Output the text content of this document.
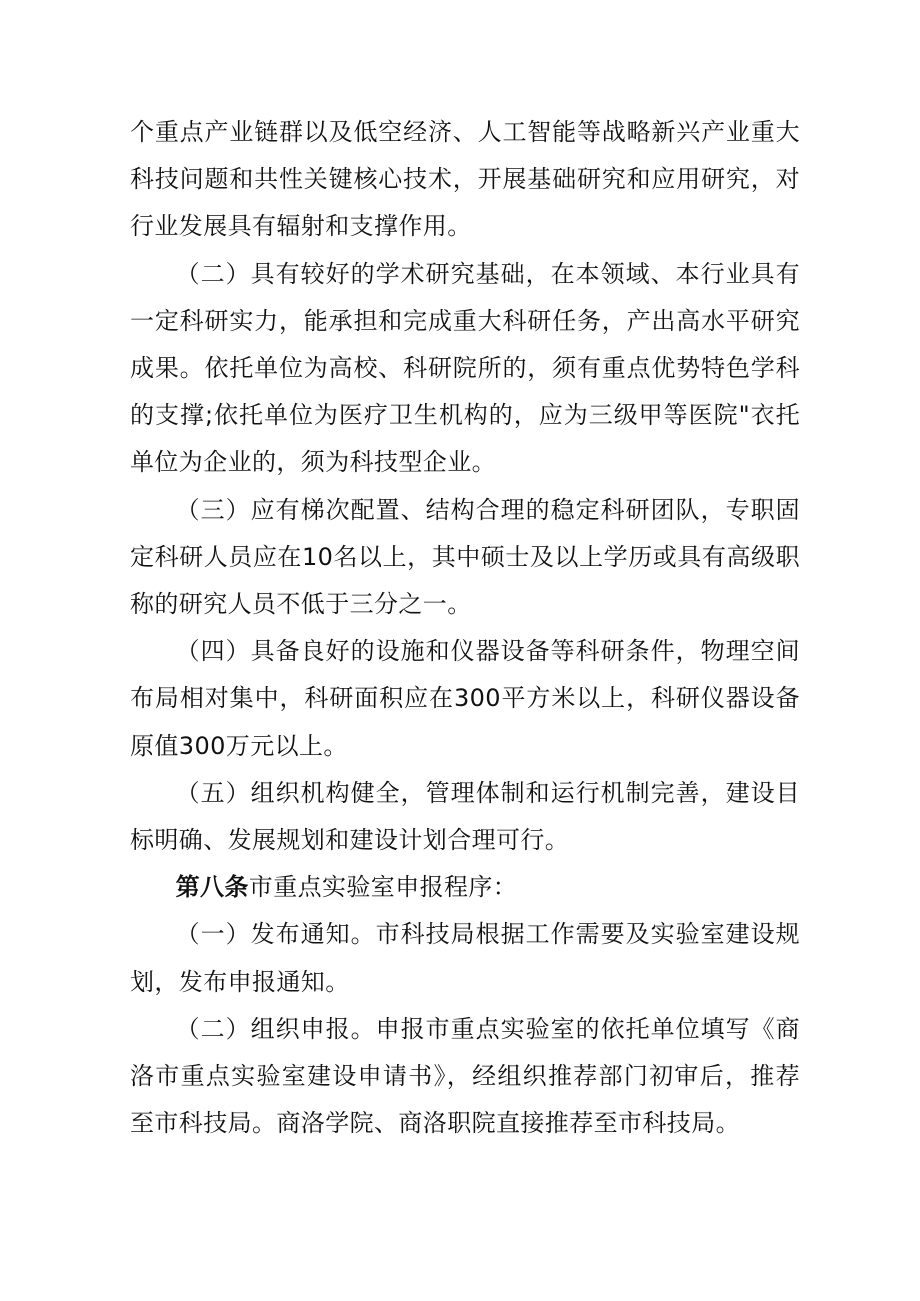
个重点产业链群以及低空经济、人工智能等战略新兴产业重大科技问题和共性关键核心技术，开展基础研究和应用研究，对行业发展具有辐射和支撑作用。

（二）具有较好的学术研究基础，在本领域、本行业具有一定科研实力，能承担和完成重大科研任务，产出高水平研究成果。依托单位为高校、科研院所的，须有重点优势特色学科的支撑;依托单位为医疗卫生机构的，应为三级甲等医院"衣托单位为企业的，须为科技型企业。

（三）应有梯次配置、结构合理的稳定科研团队，专职固定科研人员应在10名以上，其中硕士及以上学历或具有高级职称的研究人员不低于三分之一。

（四）具备良好的设施和仪器设备等科研条件，物理空间布局相对集中，科研面积应在300平方米以上，科研仪器设备原值300万元以上。

（五）组织机构健全，管理体制和运行机制完善，建设目标明确、发展规划和建设计划合理可行。

第八条市重点实验室申报程序：

（一）发布通知。市科技局根据工作需要及实验室建设规划，发布申报通知。

（二）组织申报。申报市重点实验室的依托单位填写《商洛市重点实验室建设申请书》，经组织推荐部门初审后，推荐至市科技局。商洛学院、商洛职院直接推荐至市科技局。
